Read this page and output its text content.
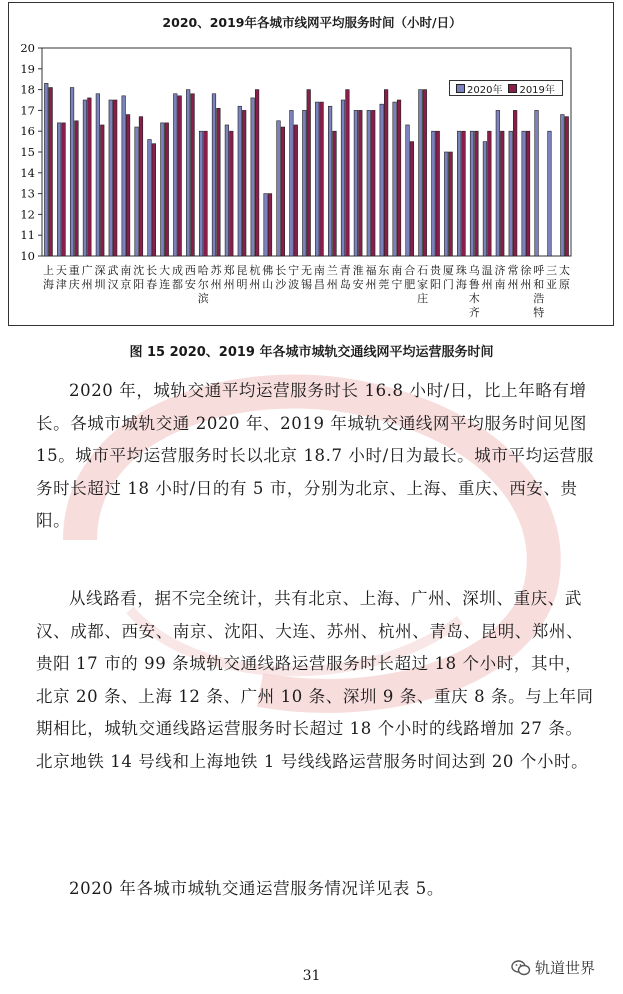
2020、2019年各城市线网平均服务时间（小时/日）
10
11
12
13
14
15
16
17
18
19
20
上海
天津
重庆
广州
深圳
武汉
南京
沈阳
长春
大连
成都
西安
哈尔滨
苏州
郑州
昆明
杭州
佛山
长沙
宁波
无锡
南昌
兰州
青岛
淮安
福州
东莞
南宁
合肥
石家庄
贵阳
厦门
珠海
乌鲁木齐
温州
济南
常州
徐州
呼和浩特
三亚
太原
2020年	2019年
图 15 2020、2019 年各城市城轨交通线网平均运营服务时间
2020 年，城轨交通平均运营服务时长 16.8 小时/日，比上年略有增长。各城市城轨交通 2020 年、2019 年城轨交通线网平均服务时间见图 15。城市平均运营服务时长以北京 18.7 小时/日为最长。城市平均运营服务时长超过 18 小时/日的有 5 市，分别为北京、上海、重庆、西安、贵阳。
从线路看，据不完全统计，共有北京、上海、广州、深圳、重庆、武汉、成都、西安、南京、沈阳、大连、苏州、杭州、青岛、昆明、郑州、贵阳 17 市的 99 条城轨交通线路运营服务时长超过 18 个小时，其中，北京 20 条、上海 12 条、广州 10 条、深圳 9 条、重庆 8 条。与上年同期相比，城轨交通线路运营服务时长超过 18 个小时的线路增加 27 条。北京地铁 14 号线和上海地铁 1 号线线路运营服务时间达到 20 个小时。
2020 年各城市城轨交通运营服务情况详见表 5。
31	轨道世界
